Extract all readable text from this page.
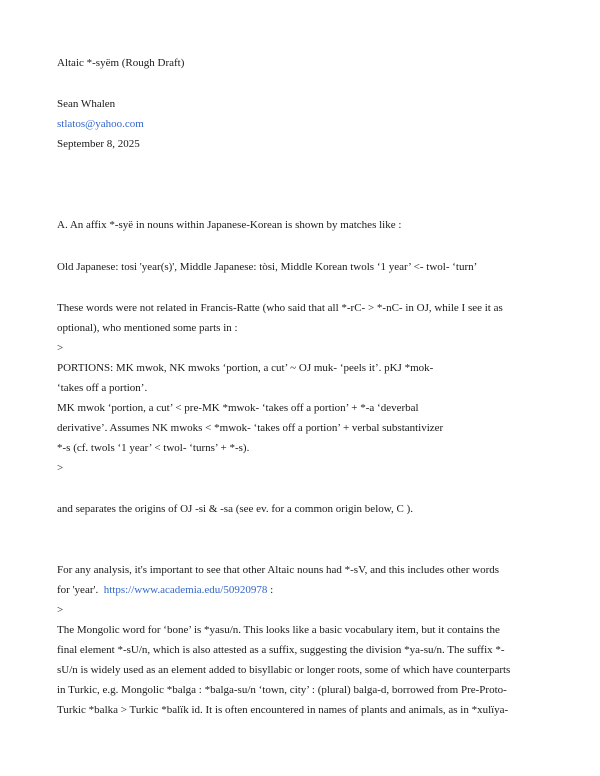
Altaic *-syëm (Rough Draft)
Sean Whalen
stlatos@yahoo.com
September 8, 2025
A. An affix *-syë in nouns within Japanese-Korean is shown by matches like :
Old Japanese: tosi 'year(s)', Middle Japanese: tòsi, Middle Korean twols ‘1 year’ <- twol- ‘turn’
These words were not related in Francis-Ratte (who said that all *-rC- > *-nC- in OJ, while I see it as
optional), who mentioned some parts in :
>
PORTIONS: MK mwok, NK mwoks ‘portion, a cut’ ~ OJ muk- ‘peels it’. pKJ *mok-
‘takes off a portion’.
MK mwok ‘portion, a cut’ < pre-MK *mwok- ‘takes off a portion’ + *-a ‘deverbal
derivative’. Assumes NK mwoks < *mwok- ‘takes off a portion’ + verbal substantivizer
*-s (cf. twols ‘1 year’ < twol- ‘turns’ + *-s).
>
and separates the origins of OJ -si & -sa (see ev. for a common origin below, C ).
For any analysis, it's important to see that other Altaic nouns had *-sV, and this includes other words
for 'year'.  https://www.academia.edu/50920978 :
>
The Mongolic word for ‘bone’ is *yasu/n. This looks like a basic vocabulary item, but it contains the
final element *-sU/n, which is also attested as a suffix, suggesting the division *ya-su/n. The suffix *-
sU/n is widely used as an element added to bisyllabic or longer roots, some of which have counterparts
in Turkic, e.g. Mongolic *balga : *balga-su/n ‘town, city’ : (plural) balga-d, borrowed from Pre-Proto-
Turkic *balka > Turkic *balïk id. It is often encountered in names of plants and animals, as in *xulïya-
